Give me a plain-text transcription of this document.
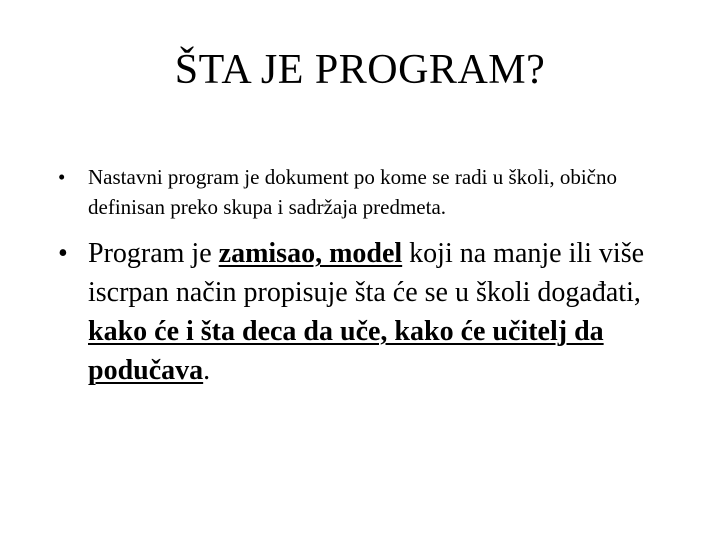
ŠTA JE PROGRAM?
• Nastavni program je dokument po kome se radi u školi, obično definisan preko skupa i sadržaja predmeta.
• Program je zamisao, model koji na manje ili više iscrpan način propisuje šta će se u školi događati, kako će i šta deca da uče, kako će učitelj da podučava.
